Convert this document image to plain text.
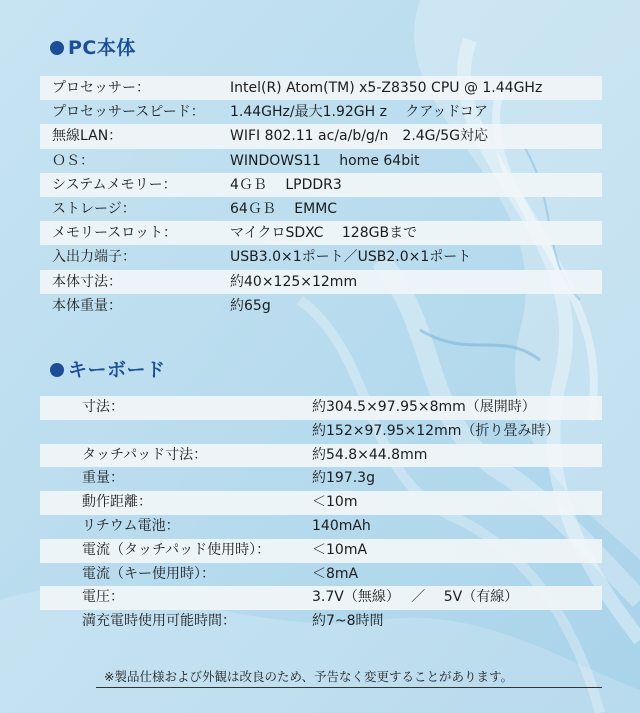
PC本体
プロセッサー：	Intel(R) Atom(TM) x5-Z8350 CPU @ 1.44GHz
プロセッサースピード： 1.44GHz/最大1.92GH z　 クアッドコア
無線LAN：	WIFI 802.11 ac/a/b/g/n　2.4G/5G対応
ＯＳ：	WINDOWS11　 home 64bit
システムメモリー：	4ＧＢ　 LPDDR3
ストレージ：	64ＧＢ　 EMMC
メモリースロット：	マイクロSDXC　 128GBまで
入出力端子：	USB3.0×1ポート／USB2.0×1ポート
本体寸法：	約40×125×12mm
本体重量：	約65g
キーボード
寸法：	約304.5×97.95×8mm（展開時）
約152×97.95×12mm（折り畳み時）
タッチパッド寸法：	約54.8×44.8mm
重量：	約197.3g
動作距離：	＜10m
リチウム電池：	140mAh
電流（タッチパッド使用時）：	＜10mA
電流（キー使用時）：	＜8mA
電圧：	3.7V（無線）　 ／　 5V（有線）
満充電時使用可能時間：	約7~8時間
※製品仕様および外観は改良のため、予告なく変更することがあります。
